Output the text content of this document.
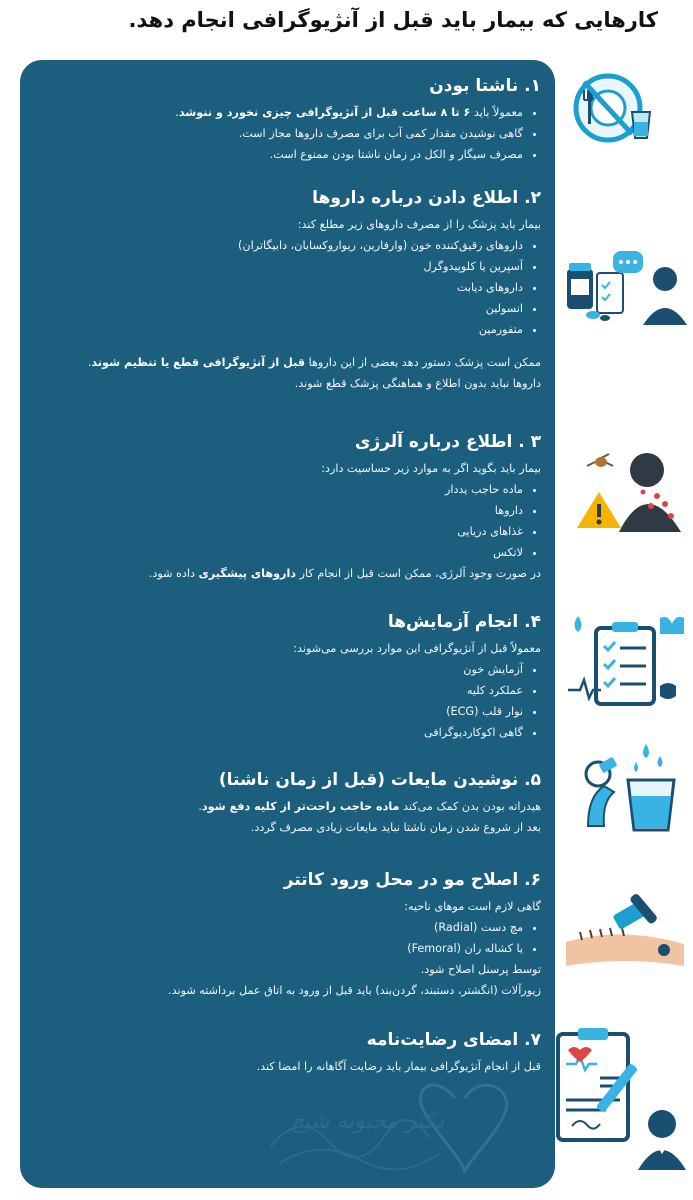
کارهایی که بیمار باید قبل از آنژیوگرافی انجام دهد.
دکتر محبوبه شیخ
۱. ناشتا بودن
• معمولاً باید ۶ تا ۸ ساعت قبل از آنژیوگرافی چیزی نخورد و ننوشد.
• گاهی نوشیدن مقدار کمی آب برای مصرف داروها مجاز است.
• مصرف سیگار و الکل در زمان ناشتا بودن ممنوع است.
۲. اطلاع دادن درباره داروها
بیمار باید پزشک را از مصرف داروهای زیر مطلع کند:
• داروهای رقیق‌کننده خون (وارفارین، ریواروکسابان، دابیگاتران)
• آسپرین یا کلوپیدوگرل
• داروهای دیابت
• انسولین
• متفورمین
ممکن است پزشک دستور دهد بعضی از این داروها قبل از آنژیوگرافی قطع یا تنظیم شوند.
داروها نباید بدون اطلاع و هماهنگی پزشک قطع شوند.
۳ . اطلاع درباره آلرژی
بیمار باید بگوید اگر به موارد زیر حساسیت دارد:
• ماده حاجب یددار
• داروها
• غذاهای دریایی
• لاتکس
در صورت وجود آلرژی، ممکن است قبل از انجام کار داروهای پیشگیری داده شود.
۴. انجام آزمایش‌ها
معمولاً قبل از آنژیوگرافی این موارد بررسی می‌شوند:
• آزمایش خون
• عملکرد کلیه
• نوار قلب (ECG)
• گاهی اکوکاردیوگرافی
۵. نوشیدن مایعات (قبل از زمان ناشتا)
هیدراته بودن بدن کمک می‌کند ماده حاجب راحت‌تر از کلیه دفع شود.
بعد از شروع شدن زمان ناشتا نباید مایعات زیادی مصرف گردد.
۶. اصلاح مو در محل ورود کاتتر
گاهی لازم است موهای ناحیه:
• مچ دست (Radial)
• یا کشاله ران (Femoral)
توسط پرسنل اصلاح شود.
زیورآلات (انگشتر، دستبند، گردن‌بند) باید قبل از ورود به اتاق عمل برداشته شوند.
۷. امضای رضایت‌نامه
قبل از انجام آنژیوگرافی بیمار باید رضایت آگاهانه را امضا کند.
